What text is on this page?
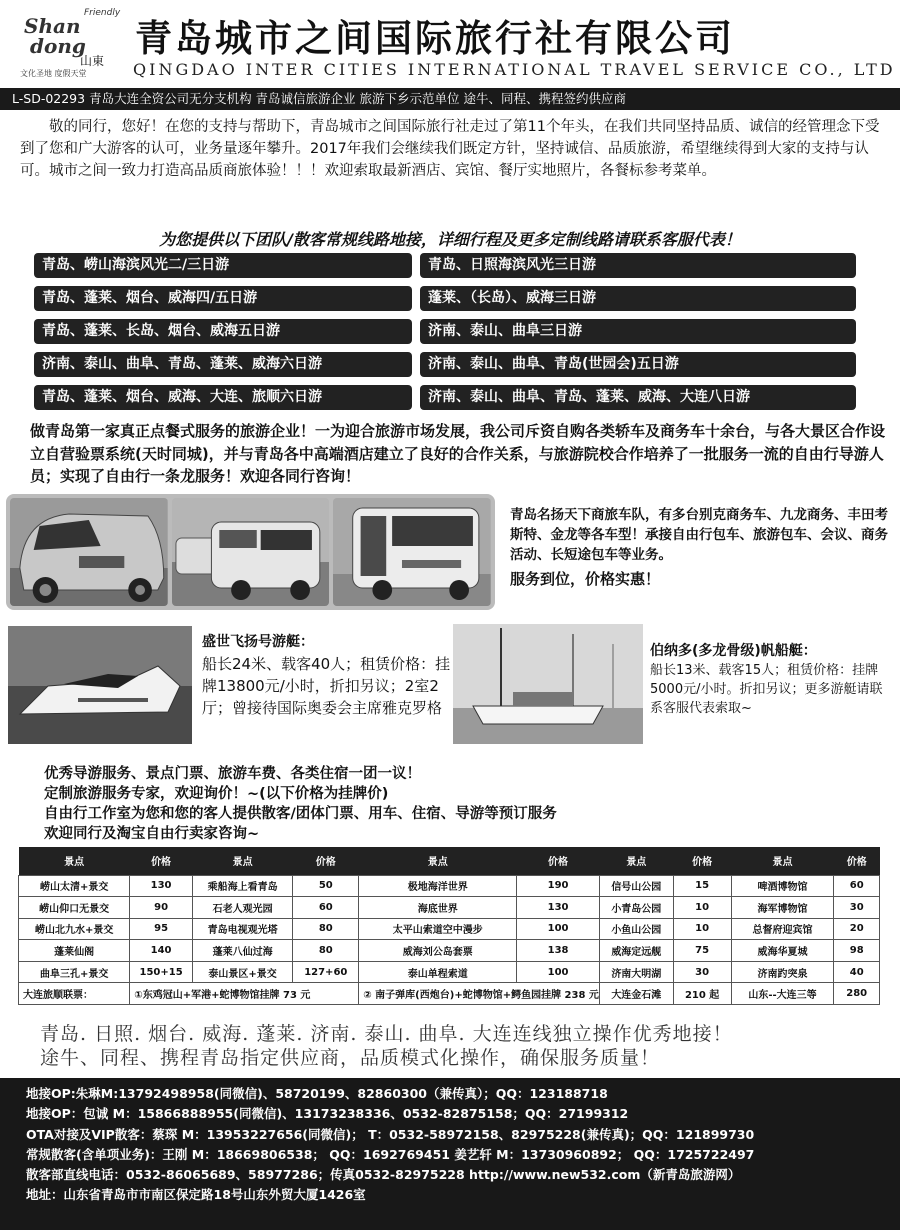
Friendly
Shan
dong
山東
文化圣地 度假天堂
青岛城市之间国际旅行社有限公司
QINGDAO INTER CITIES INTERNATIONAL TRAVEL SERVICE CO., LTD
L-SD-02293 青岛大连全资公司无分支机构 青岛诚信旅游企业 旅游下乡示范单位 途牛、同程、携程签约供应商
敬的同行，您好！在您的支持与帮助下，青岛城市之间国际旅行社走过了第11个年头，在我们共同坚持品质、诚信的经管理念下受到了您和广大游客的认可，业务量逐年攀升。2017年我们会继续我们既定方针，坚持诚信、品质旅游，希望继续得到大家的支持与认可。城市之间一致力打造高品质商旅体验！！！欢迎索取最新酒店、宾馆、餐厅实地照片，各餐标参考菜单。
为您提供以下团队/散客常规线路地接，详细行程及更多定制线路请联系客服代表！
青岛、崂山海滨风光二/三日游	青岛、日照海滨风光三日游
青岛、蓬莱、烟台、威海四/五日游	蓬莱、（长岛）、威海三日游
青岛、蓬莱、长岛、烟台、威海五日游	济南、泰山、曲阜三日游
济南、泰山、曲阜、青岛、蓬莱、威海六日游	济南、泰山、曲阜、青岛(世园会)五日游
青岛、蓬莱、烟台、威海、大连、旅顺六日游	济南、泰山、曲阜、青岛、蓬莱、威海、大连八日游
做青岛第一家真正点餐式服务的旅游企业！一为迎合旅游市场发展，我公司斥资自购各类轿车及商务车十余台，与各大景区合作设立自营验票系统(天时同城)，并与青岛各中高端酒店建立了良好的合作关系，与旅游院校合作培养了一批服务一流的自由行导游人员；实现了自由行一条龙服务！欢迎各同行咨询！
青岛名扬天下商旅车队，有多台别克商务车、九龙商务、丰田考斯特、金龙等各车型！承接自由行包车、旅游包车、会议、商务活动、长短途包车等业务。
服务到位，价格实惠！
盛世飞扬号游艇：
船长24米、载客40人；租赁价格：挂牌13800元/小时，折扣另议；2室2厅；曾接待国际奥委会主席雅克罗格
伯纳多(多龙骨级)帆船艇：
船长13米、载客15人；租赁价格：挂牌5000元/小时。折扣另议；更多游艇请联系客服代表索取~
优秀导游服务、景点门票、旅游车费、各类住宿一团一议！
定制旅游服务专家，欢迎询价！~(以下价格为挂牌价)
自由行工作室为您和您的客人提供散客/团体门票、用车、住宿、导游等预订服务
欢迎同行及淘宝自由行卖家咨询~
景点	价格	景点	价格	景点	价格	景点	价格	景点	价格
崂山太清+景交	130	乘船海上看青岛	50	极地海洋世界	190	信号山公园	15	啤酒博物馆	60
崂山仰口无景交	90	石老人观光园	60	海底世界	130	小青岛公园	10	海军博物馆	30
崂山北九水+景交	95	青岛电视观光塔	80	太平山索道空中漫步	100	小鱼山公园	10	总督府迎宾馆	20
蓬莱仙阁	140	蓬莱八仙过海	80	威海刘公岛套票	138	威海定远舰	75	威海华夏城	98
曲阜三孔+景交	150+15	泰山景区+景交	127+60	泰山单程索道	100	济南大明湖	30	济南趵突泉	40
大连旅顺联票：	①东鸡冠山+军港+蛇博物馆挂牌 73 元			② 南子弹库(西炮台)+蛇博物馆+鳄鱼园挂牌 238 元		大连金石滩	210 起	山东--大连三等	280
青岛. 日照. 烟台. 威海. 蓬莱. 济南. 泰山. 曲阜. 大连连线独立操作优秀地接！
途牛、同程、携程青岛指定供应商，品质模式化操作，确保服务质量！
地接OP:朱琳M:13792498958(同微信)、58720199、82860300（兼传真）；QQ：123188718
地接OP：包诚 M：15866888955(同微信)、13173238336、0532-82875158；QQ：27199312
OTA对接及VIP散客：蔡琛 M：13953227656(同微信)； T：0532-58972158、82975228(兼传真)；QQ：121899730
常规散客(含单项业务)：王刚 M：18669806538； QQ：1692769451 姜艺轩 M：13730960892； QQ：1725722497
散客部直线电话：0532-86065689、58977286；传真0532-82975228 http://www.new532.com（新青岛旅游网）
地址：山东省青岛市市南区保定路18号山东外贸大厦1426室
